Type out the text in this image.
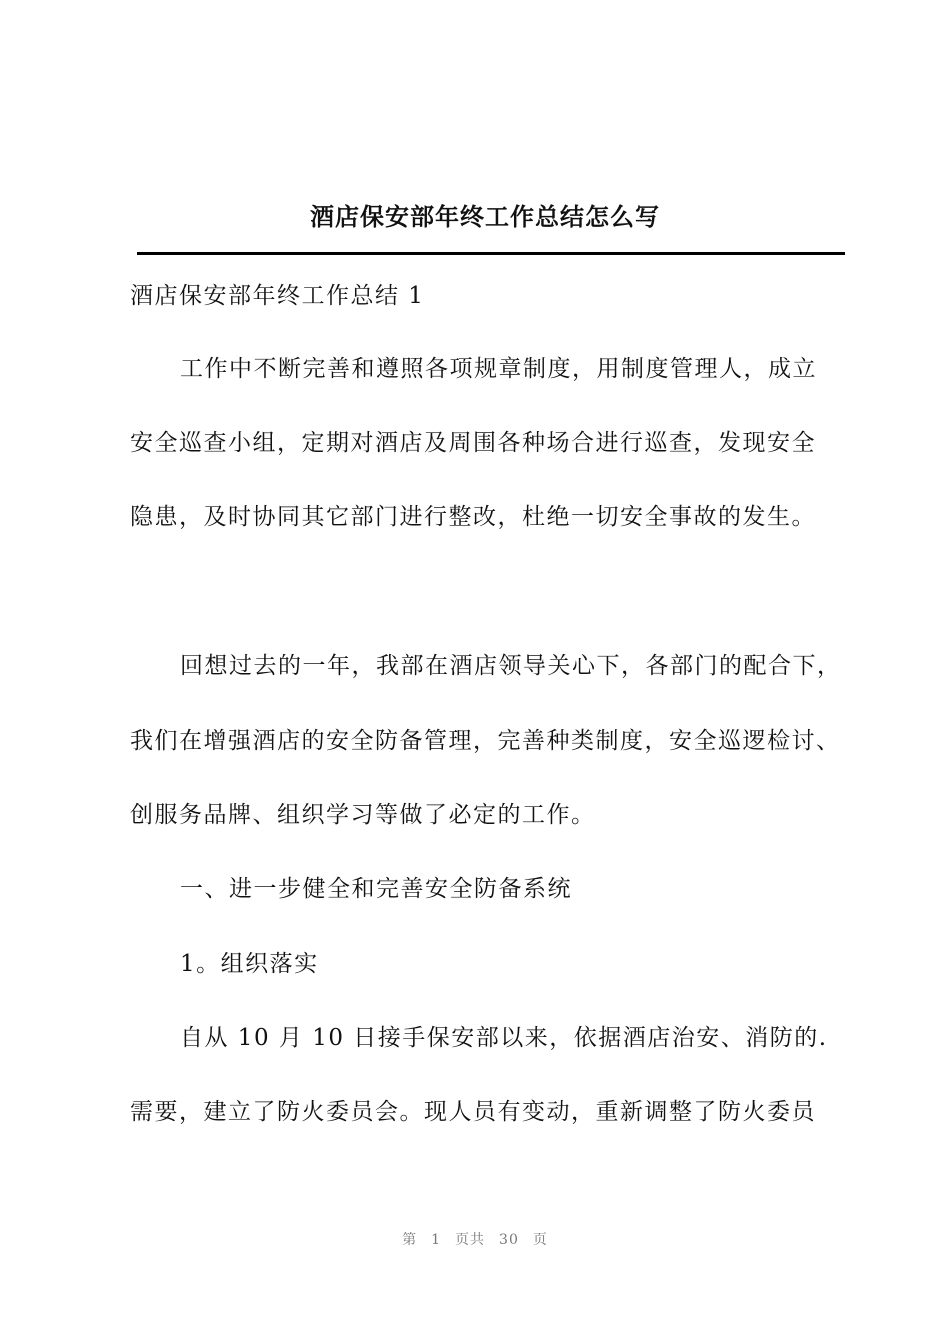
酒店保安部年终工作总结怎么写
酒店保安部年终工作总结 1
工作中不断完善和遵照各项规章制度，用制度管理人，成立
安全巡查小组，定期对酒店及周围各种场合进行巡查，发现安全
隐患，及时协同其它部门进行整改，杜绝一切安全事故的发生。
回想过去的一年，我部在酒店领导关心下，各部门的配合下，
我们在增强酒店的安全防备管理，完善种类制度，安全巡逻检讨、
创服务品牌、组织学习等做了必定的工作。
一、进一步健全和完善安全防备系统
1。组织落实
自从 10 月 10 日接手保安部以来，依据酒店治安、消防的.
需要，建立了防火委员会。现人员有变动，重新调整了防火委员
第 1 页共 30 页
